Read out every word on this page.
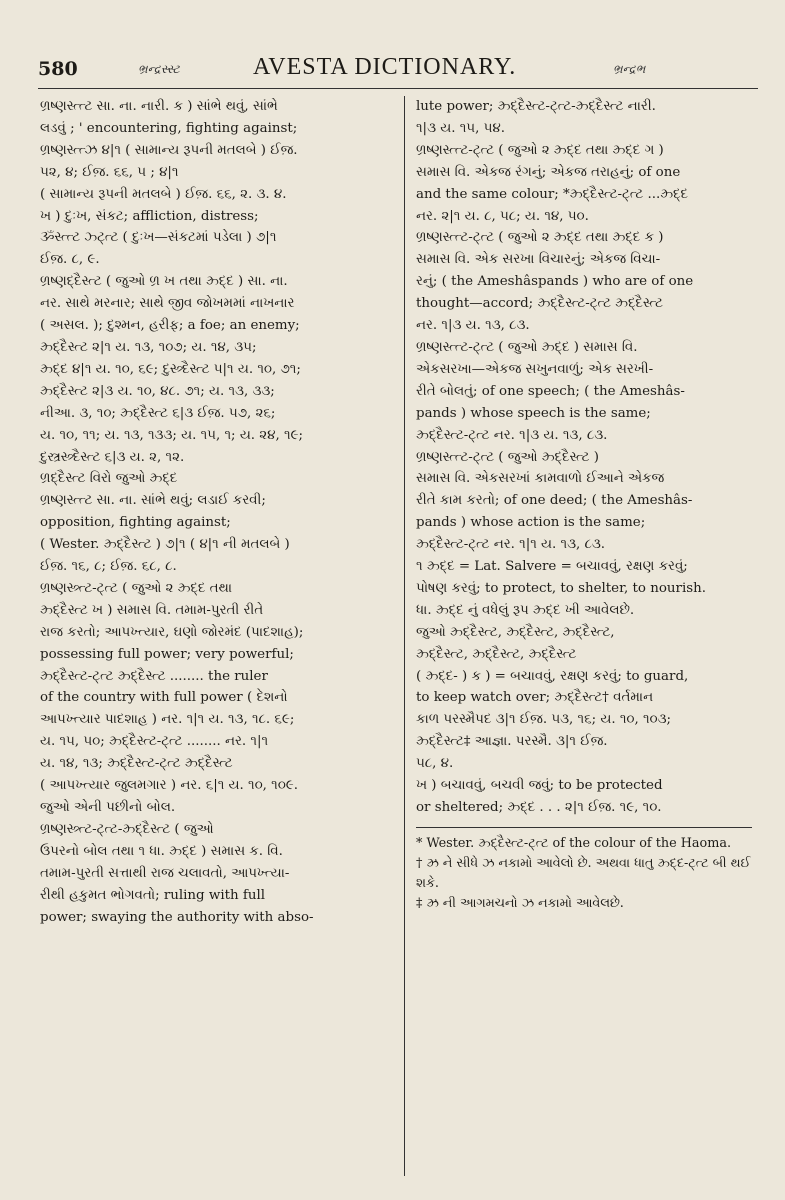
580	ભ્રન્દ્રસ્સ્ટ	AVESTA DICTIONARY.	ભ્રન્દ્રભ

ળ્રષ્ણસ્ત્ત્ટ સા. ના. નારી. ક ) સાંભે થવું, સાંભે

લડવું ; ' encountering, fighting against;

ળ્રષ્ણસ્ત્ત્ઝ ૪|૧ ( સામાન્ય રૂપની મતલબે ) ઈજ઼.

૫૨, ૪; ઈજ઼. ૬૬, ૫ ; ૪|૧

( સામાન્ય રૂપની મતલબે ) ઈજ઼. ૬૬, ૨. ૩. ૪.

ખ ) દુઃખ, સંકટ; affliction, distress;

ૐસ્ત્ત્ટ ઝ્ટ્ત્ટ ( દુઃખ—સંકટમાં પડેલા ) ૭|૧

ઈજ઼. ૮, ૯.

ળ્રષ્ણદ્દૈસ્ત્ટ ( જુઓ ળ્ર ખ તથા ઝ્ર્દ્દ ) સા. ના.

નર. સાથે મરનાર; સાથે જીવ જોખમમાં નાખનાર

( અસલ. ); દુશ્મન, હરીફ; a foe; an enemy;

ઝ્ર્દ્દૈસ્ત્ટ ૨|૧ ય. ૧૩, ૧૦૭; ય. ૧૪, ૩૫;

ઝ્ર્દ્દ ૪|૧ ય. ૧૦, ૬૯; દુસ્ત્ર્દૈસ્ત્ટ ૫|૧ ય. ૧૦, ૭૧;

ઝ્ર્દ્દૈસ્ત્ટ ૨|૩ ય. ૧૦, ૪૮. ૭૧; ય. ૧૩, ૩૩;

નીઆ. ૩, ૧૦; ઝ્ર્દ્દૈસ્ત્ટ ૬|૩ ઈજ઼. ૫૭, ૨૬;

ય. ૧૦, ૧૧; ય. ૧૩, ૧૩૩; ય. ૧૫, ૧; ય. ૨૪, ૧૯;

દુસ્ત્રસ્ત્ર્દૈસ્ત્ટ ૬|૩ ય. ૨, ૧૨.

ળ્રદ્દૈસ્ત્ટ વિરો જુઓ ઝ્ર્દ્દ

ળ્રષ્ણસ્ત્ત્ટ સા. ના. સાંભે થવું; લડાઈ કરવી;

opposition, fighting against;

( Wester. ઝ્ર્દ્દૈસ્ત્ટ ) ૭|૧ ( ૪|૧ ની મતલબે )

ઈજ઼. ૧૬, ૮; ઈજ઼. ૬૮, ૮.

ળ્રષ્ણસ્ત્ર્ત્ટ-ટ્ત્ટ ( જુઓ ૨ ઝ્ર્દ્દ તથા

ઝ્ર્દ્દૈસ્ત્ટ ખ ) સમાસ વિ. તમામ-પુરતી રીતે

રાજ કરતો; આપખ્ત્યાર, ઘણો જોરમંદ (પાદશાહ);

possessing full power; very powerful;

ઝ્ર્દ્દૈસ્ત્ટ-ટ્ત્ટ ઝ્ર્દ્દૈસ્ત્ટ ........ the ruler

of the country with full power ( દેશનો

આપખ્ત્યાર પાદશાહ ) નર. ૧|૧ ય. ૧૩, ૧૮. ૬૯;

ય. ૧૫, ૫૦; ઝ્ર્દ્દૈસ્ત્ટ-ટ્ત્ટ ........ નર. ૧|૧

ય. ૧૪, ૧૩; ઝ્ર્દ્દૈસ્ત્ટ-ટ્ત્ટ ઝ્ર્દ્દૈસ્ત્ટ

( આપખ્ત્યાર જુલમગાર ) નર. ૬|૧ ય. ૧૦, ૧૦૯.

જુઓ એની પછીનો બોલ.

ળ્રષ્ણસ્ત્ર્ત્ટ-ટ્ત્ટ-ઝ્ર્દ્દૈસ્ત્ટ ( જુઓ

ઉપરનો બોલ તથા ૧ ધા. ઝ્ર્દ્દ ) સમાસ ક. વિ.

તમામ-પુરતી સત્તાથી રાજ ચલાવતો, આપખ્ત્યા-

રીથી હકુમત ભોગવતો; ruling with full

power; swaying the authority with abso-

lute power; ઝ્ર્દ્દૈસ્ત્ટ-ટ્ત્ટ-ઝ્ર્દ્દૈસ્ત્ટ નારી.

૧|૩ ય. ૧૫, ૫૪.

ળ્રષ્ણસ્ત્ત્ટ-ટ્ત્ટ ( જુઓ ૨ ઝ્ર્દ્દ તથા ઝ્ર્દ્દ ગ )

સમાસ વિ. એકજ રંગનું; એકજ તરાહનું; of one

and the same colour; *ઝ્ર્દ્દૈસ્ત્ટ-ટ્ત્ટ ...ઝ્ર્દ્દ

નર. ૨|૧ ય. ૮, ૫૮; ય. ૧૪, ૫૦.

ળ્રષ્ણસ્ત્ત્ટ-ટ્ત્ટ ( જુઓ ૨ ઝ્ર્દ્દ તથા ઝ્ર્દ્દ ક )

સમાસ વિ. એક સરખા વિચારનું; એકજ વિચા-

રનું; ( the Ameshâspands ) who are of one

thought—accord; ઝ્ર્દ્દૈસ્ત્ટ-ટ્ત્ટ ઝ્ર્દ્દૈસ્ત્ટ

નર. ૧|૩ ય. ૧૩, ૮૩.

ળ્રષ્ણસ્ત્ત્ટ-ટ્ત્ટ ( જુઓ ઝ્ર્દ્દ ) સમાસ વિ.

એકસરખા—એકજ સખુનવાળું; એક સરખી-

રીતે બોલતું; of one speech; ( the Ameshâs-

pands ) whose speech is the same;

ઝ્ર્દ્દૈસ્ત્ટ-ટ્ત્ટ નર. ૧|૩ ય. ૧૩, ૮૩.

ળ્રષ્ણસ્ત્ત્ટ-ટ્ત્ટ ( જુઓ ઝ્ર્દ્દૈસ્ત્ટ )

સમાસ વિ. એકસરખાં કામવાળો ઈઆને એકજ

રીતે કામ કરતો; of one deed; ( the Ameshâs-

pands ) whose action is the same;

ઝ્ર્દ્દૈસ્ત્ટ-ટ્ત્ટ નર. ૧|૧ ય. ૧૩, ૮૩.

૧ ઝ્ર્દ્દ = Lat. Salvere = બચાવવું, રક્ષણ કરવું;

પોષણ કરવું; to protect, to shelter, to nourish.

ધા. ઝ્ર્દ્દ નું વધેલું રૂપ ઝ્ર્દ્દ ખી આવેલછે.

જુઓ ઝ્ર્દ્દૈસ્ત્ટ, ઝ્ર્દ્દૈસ્ત્ટ, ઝ્ર્દ્દૈસ્ત્ટ,

ઝ્ર્દ્દૈસ્ત્ટ, ઝ્ર્દ્દૈસ્ત્ટ, ઝ્ર્દ્દૈસ્ત્ટ

( ઝ્ર્દ્દ- ) ક ) = બચાવવું, રક્ષણ કરવું; to guard,

to keep watch over; ઝ્ર્દ્દૈસ્ત્ટ† વર્તમાન

કાળ પરસ્મૈપદ ૩|૧ ઈજ઼. ૫૩, ૧૬; ય. ૧૦, ૧૦૩;

ઝ્ર્દ્દૈસ્ત્ટ‡ આજ્ઞા. પરસ્મૈ. ૩|૧ ઈજ઼.

૫૮, ૪.

ખ ) બચાવવું, બચવી જવું; to be protected

or sheltered; ઝ્ર્દ્દ . . . ૨|૧ ઈજ઼. ૧૯, ૧૦.

* Wester. ઝ્ર્દ્દૈસ્ત્ટ-ટ્ત્ટ of the colour of the Haoma.

† ઝ્ર ને સીધે ઝ નકામો આવેલો છે. અથવા ધાતુ ઝ્ર્દ્દ-ટ્ત્ટ બી થઈ શકે.

‡ ઝ્ર ની આગમચનો ઝ નકામો આવેલછે.
